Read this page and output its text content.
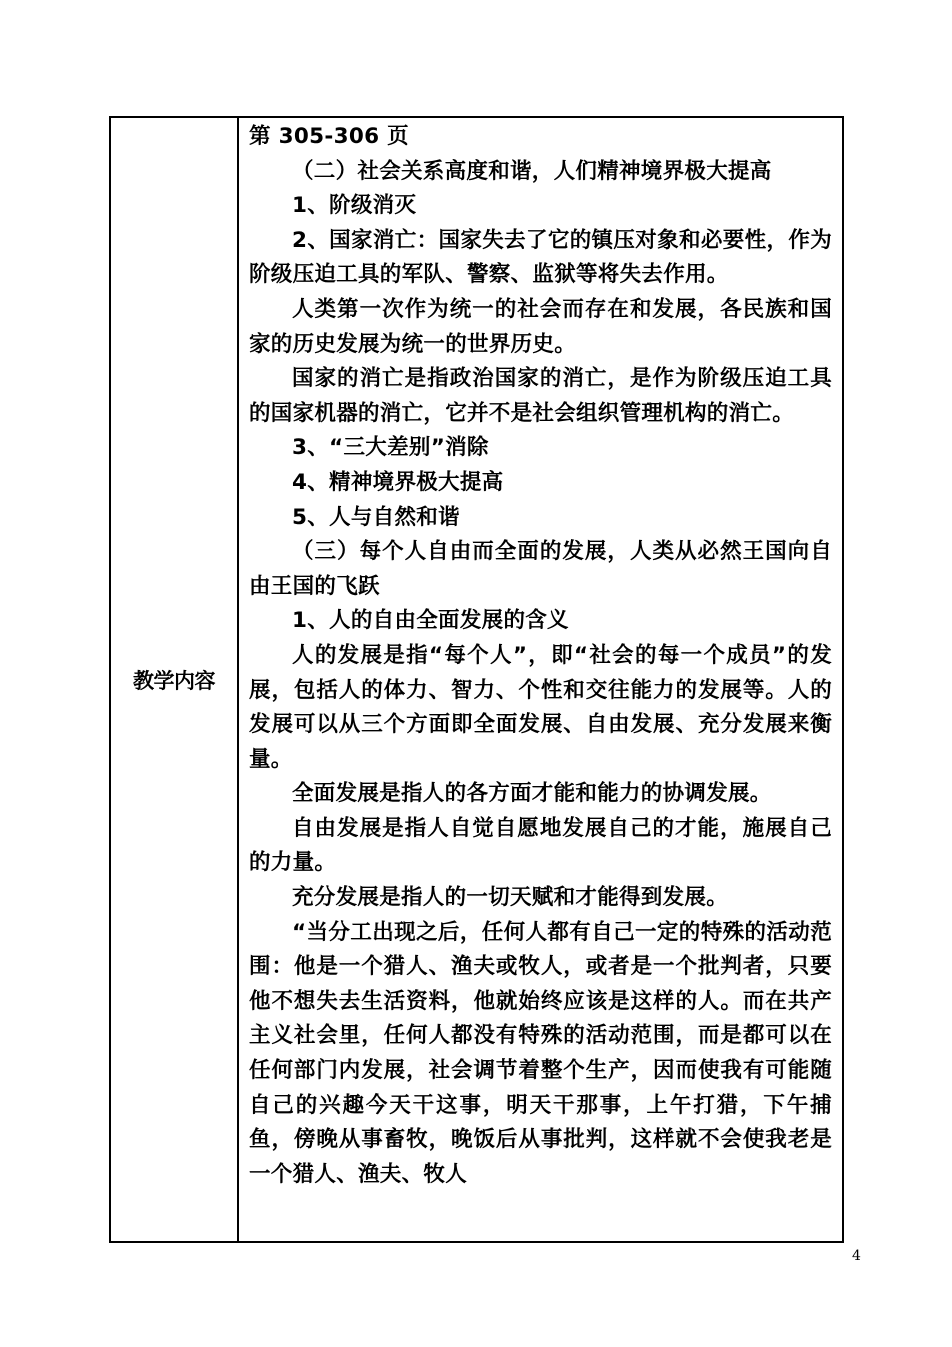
教学内容

第 305-306 页

（二）社会关系高度和谐，人们精神境界极大提高

1、阶级消灭

2、国家消亡：国家失去了它的镇压对象和必要性，作为阶级压迫工具的军队、警察、监狱等将失去作用。

人类第一次作为统一的社会而存在和发展，各民族和国家的历史发展为统一的世界历史。

国家的消亡是指政治国家的消亡，是作为阶级压迫工具的国家机器的消亡，它并不是社会组织管理机构的消亡。

3、“三大差别”消除

4、精神境界极大提高

5、人与自然和谐

（三）每个人自由而全面的发展，人类从必然王国向自由王国的飞跃

1、人的自由全面发展的含义

人的发展是指“每个人”，即“社会的每一个成员”的发展，包括人的体力、智力、个性和交往能力的发展等。人的发展可以从三个方面即全面发展、自由发展、充分发展来衡量。

全面发展是指人的各方面才能和能力的协调发展。

自由发展是指人自觉自愿地发展自己的才能，施展自己的力量。

充分发展是指人的一切天赋和才能得到发展。

“当分工出现之后，任何人都有自己一定的特殊的活动范围：他是一个猎人、渔夫或牧人，或者是一个批判者，只要他不想失去生活资料，他就始终应该是这样的人。而在共产主义社会里，任何人都没有特殊的活动范围，而是都可以在任何部门内发展，社会调节着整个生产，因而使我有可能随自己的兴趣今天干这事，明天干那事，上午打猎，下午捕鱼，傍晚从事畜牧，晚饭后从事批判，这样就不会使我老是一个猎人、渔夫、牧人

4
